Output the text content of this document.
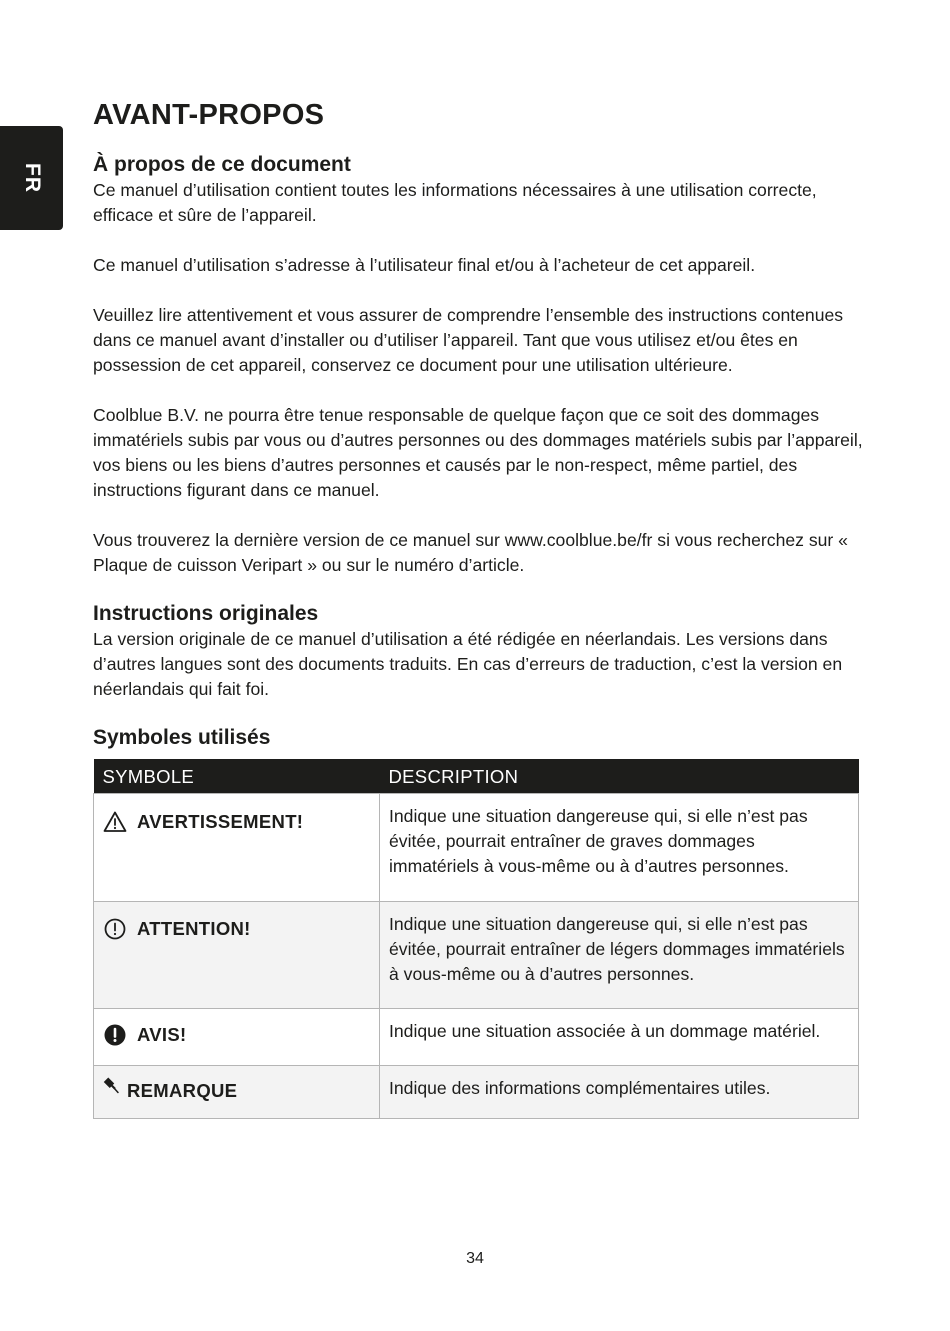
FR
AVANT-PROPOS
À propos de ce document

Ce manuel d’utilisation contient toutes les informations nécessaires à une utilisation correcte, efficace et sûre de l’appareil.

Ce manuel d’utilisation s’adresse à l’utilisateur final et/ou à l’acheteur de cet appareil.

Veuillez lire attentivement et vous assurer de comprendre l’ensemble des instructions contenues dans ce manuel avant d’installer ou d’utiliser l’appareil. Tant que vous utilisez et/ou êtes en possession de cet appareil, conservez ce document pour une utilisation ultérieure.

Coolblue B.V. ne pourra être tenue responsable de quelque façon que ce soit des dommages immatériels subis par vous ou d’autres personnes ou des dommages matériels subis par l’appareil, vos biens ou les biens d’autres personnes et causés par le non-respect, même partiel, des instructions figurant dans ce manuel.

Vous trouverez la dernière version de ce manuel sur www.coolblue.be/fr si vous recherchez sur « Plaque de cuisson Veripart » ou sur le numéro d’article.

Instructions originales

La version originale de ce manuel d’utilisation a été rédigée en néerlandais. Les versions dans d’autres langues sont des documents traduits. En cas d’erreurs de traduction, c’est la version en néerlandais qui fait foi.

Symboles utilisés
SYMBOLE	DESCRIPTION

AVERTISSEMENT!	Indique une situation dangereuse qui, si elle n’est pas évitée, pourrait entraîner de graves dommages immatériels à vous-même ou à d’autres personnes.

ATTENTION!	Indique une situation dangereuse qui, si elle n’est pas évitée, pourrait entraîner de légers dommages immatériels à vous-même ou à d’autres personnes.

AVIS!	Indique une situation associée à un dommage matériel.

REMARQUE	Indique des informations complémentaires utiles.
34
